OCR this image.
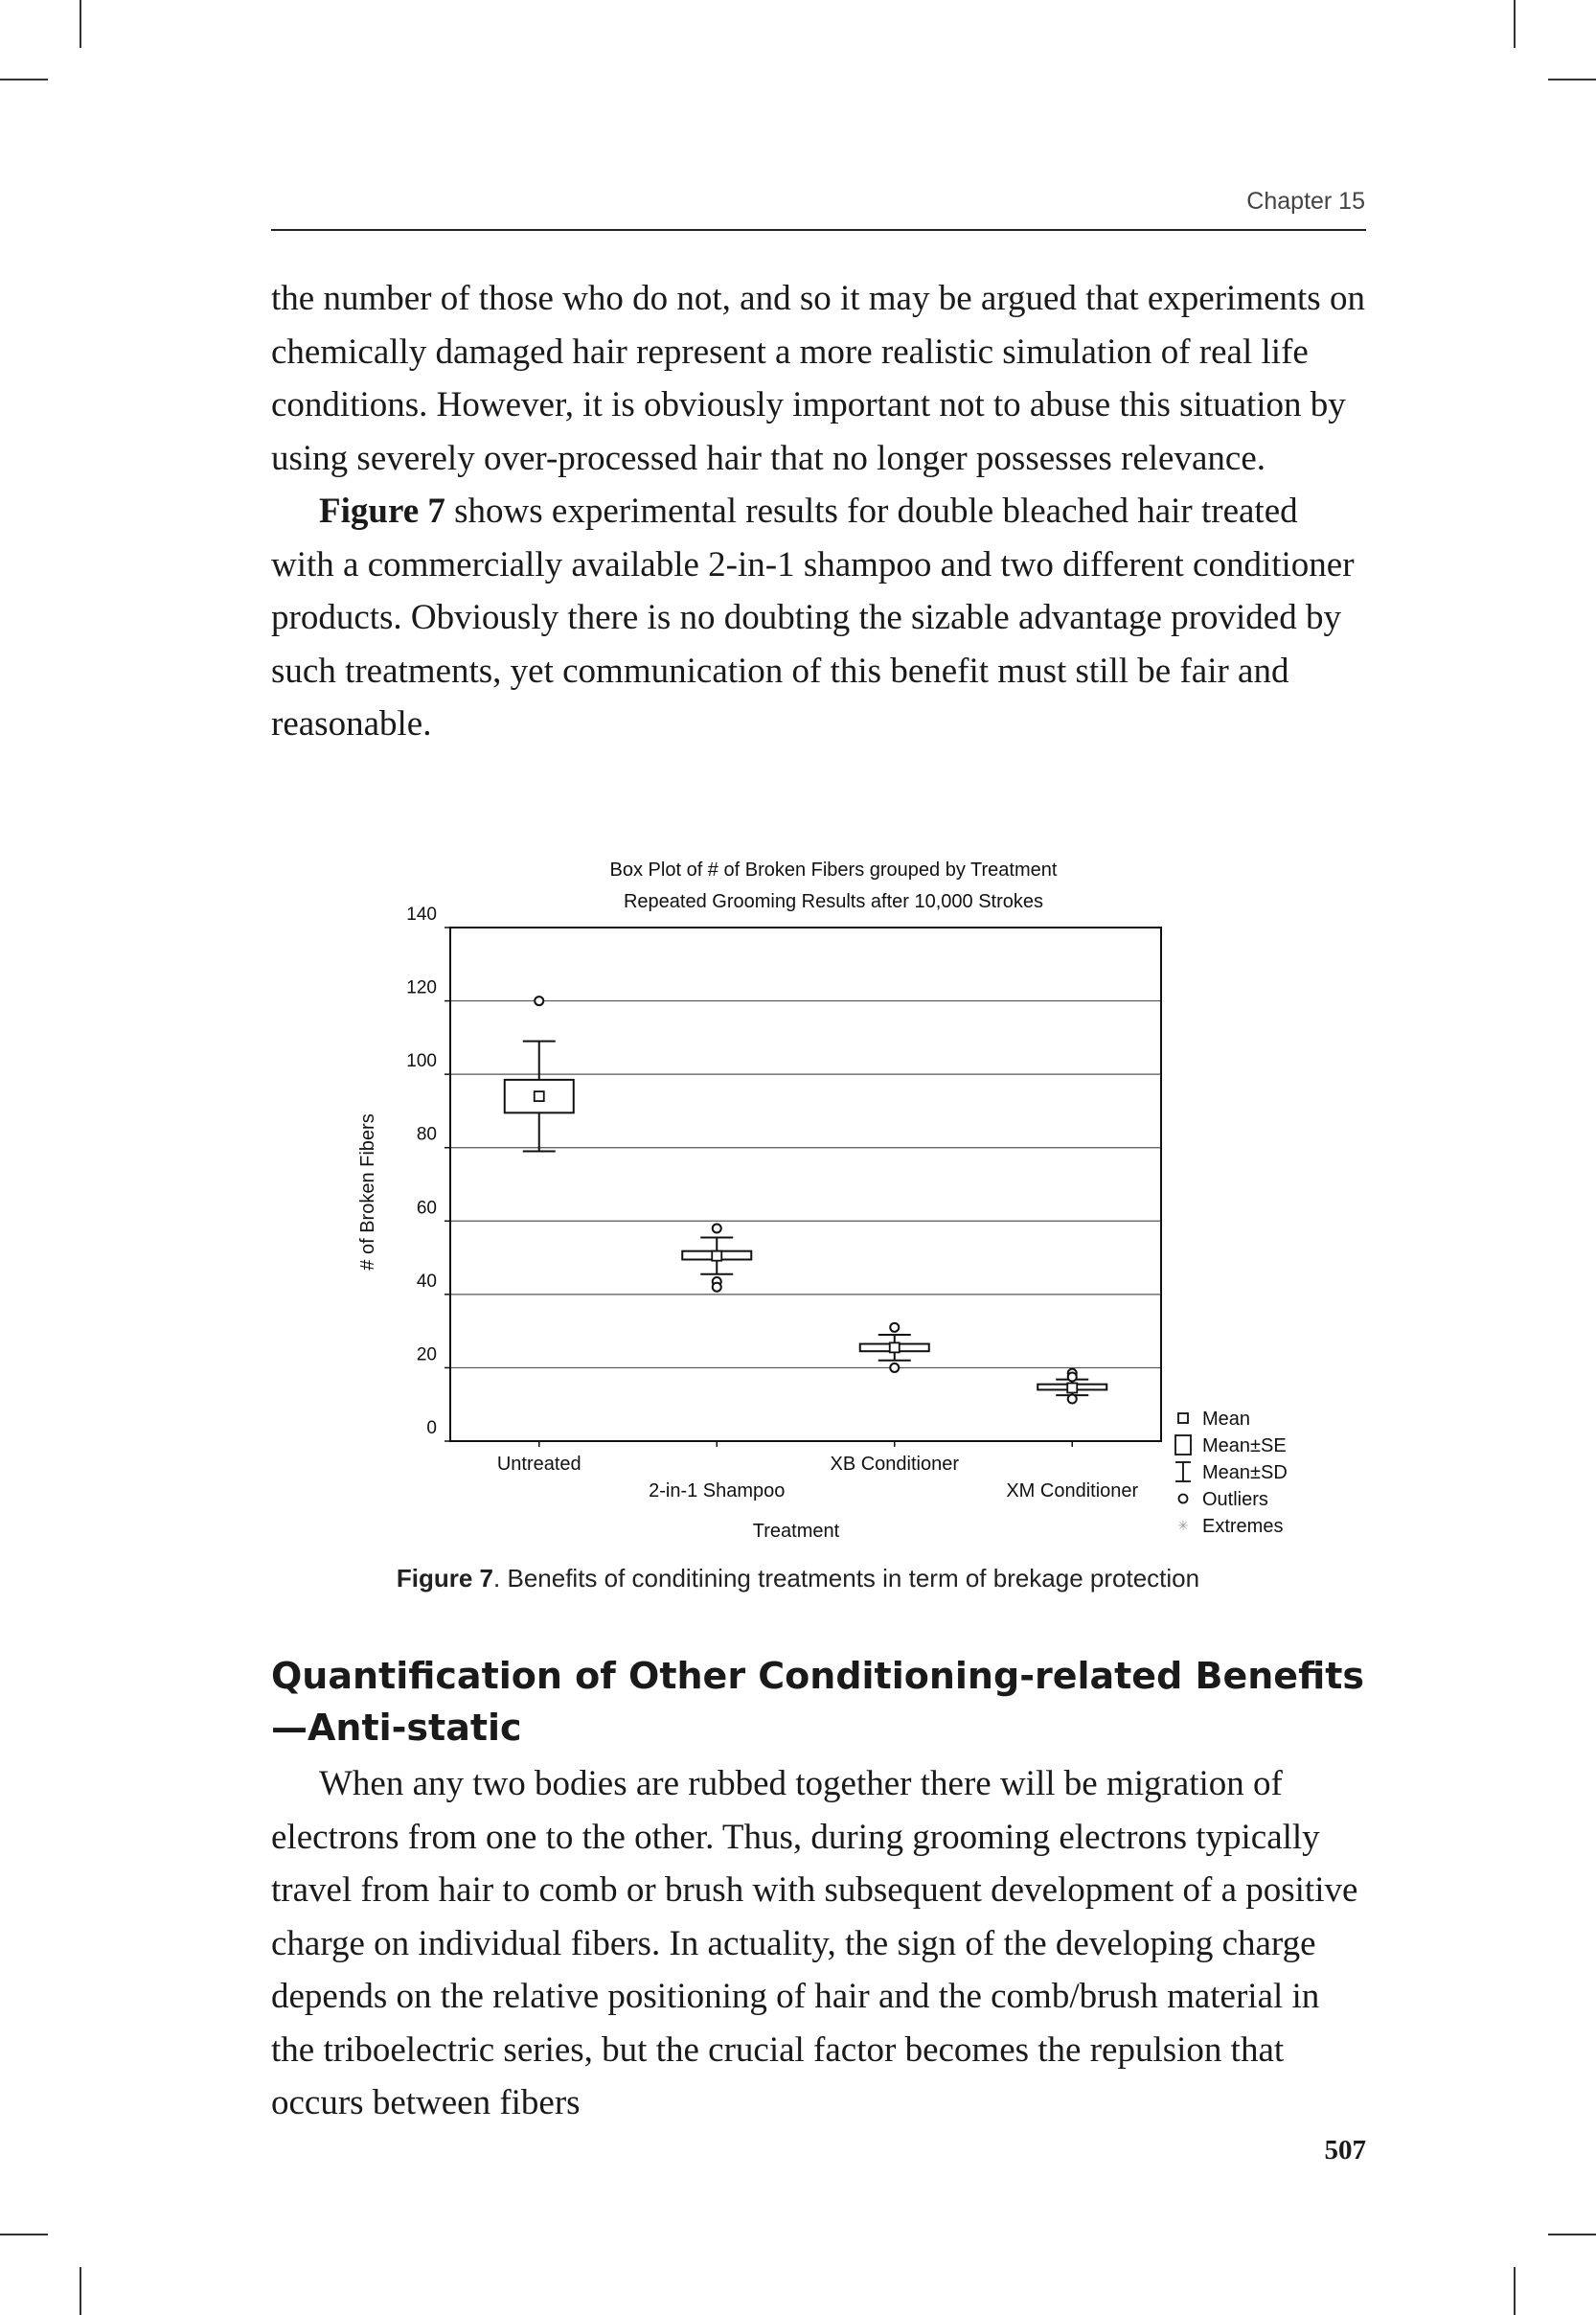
Chapter 15

the number of those who do not, and so it may be argued that experiments on chemically damaged hair represent a more realistic simulation of real life conditions. However, it is obviously important not to abuse this situation by using severely over-processed hair that no longer possesses relevance.

Figure 7 shows experimental results for double bleached hair treated with a commercially available 2-in-1 shampoo and two different conditioner products. Obviously there is no doubting the sizable advantage provided by such treatments, yet communication of this benefit must still be fair and reasonable.

Box Plot of # of Broken Fibers grouped by Treatment
Repeated Grooming Results after 10,000 Strokes
0
20
40
60
80
100
120
140
Untreated
2-in-1 Shampoo
XB Conditioner
XM Conditioner
# of Broken Fibers
Treatment
Mean
Mean±SE
Mean±SD
Outliers
✳ Extremes
Figure 7. Benefits of conditining treatments in term of brekage protection
Quantification of Other Conditioning-related Benefits—Anti-static

When any two bodies are rubbed together there will be migration of electrons from one to the other. Thus, during grooming electrons typically travel from hair to comb or brush with subsequent development of a positive charge on individual fibers. In actuality, the sign of the developing charge depends on the relative positioning of hair and the comb/brush material in the triboelectric series, but the crucial factor becomes the repulsion that occurs between fibers

507
